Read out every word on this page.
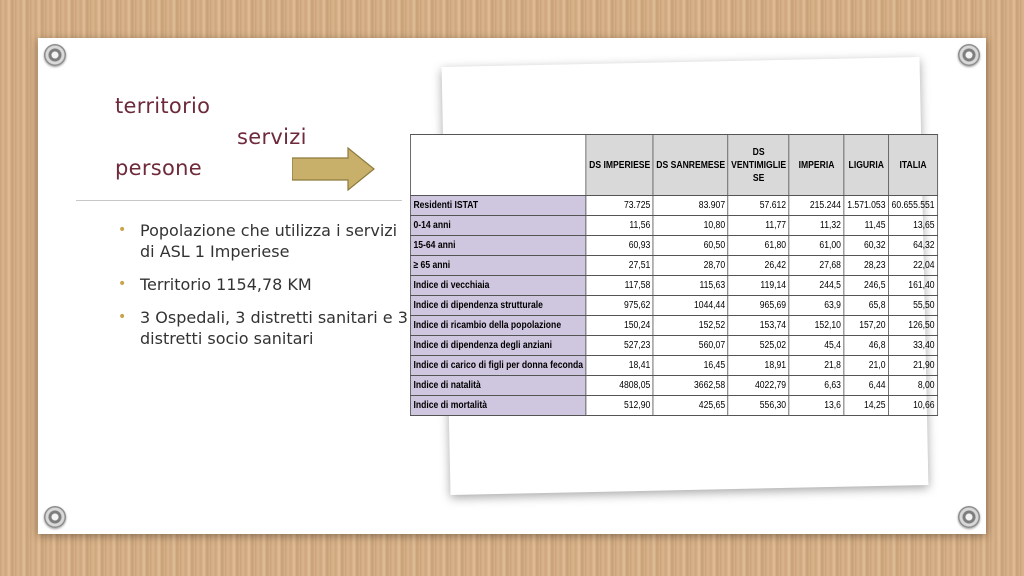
territorio
servizi
persone
• Popolazione che utilizza i servizi di ASL 1 Imperiese
• Territorio 1154,78 KM
• 3 Ospedali, 3 distretti sanitari e 3 distretti socio sanitari
	DS IMPERIESE	DS SANREMESE	DS VENTIMIGLIE SE	IMPERIA	LIGURIA	ITALIA
Residenti ISTAT	73.725	83.907	57.612	215.244	1.571.053	60.655.551
0-14 anni	11,56	10,80	11,77	11,32	11,45	13,65
15-64 anni	60,93	60,50	61,80	61,00	60,32	64,32
≥ 65 anni	27,51	28,70	26,42	27,68	28,23	22,04
Indice di vecchiaia	117,58	115,63	119,14	244,5	246,5	161,40
Indice di dipendenza strutturale	975,62	1044,44	965,69	63,9	65,8	55,50
Indice di ricambio della popolazione	150,24	152,52	153,74	152,10	157,20	126,50
Indice di dipendenza degli anziani	527,23	560,07	525,02	45,4	46,8	33,40
Indice di carico di figli per donna feconda	18,41	16,45	18,91	21,8	21,0	21,90
Indice di natalità	4808,05	3662,58	4022,79	6,63	6,44	8,00
Indice di mortalità	512,90	425,65	556,30	13,6	14,25	10,66
